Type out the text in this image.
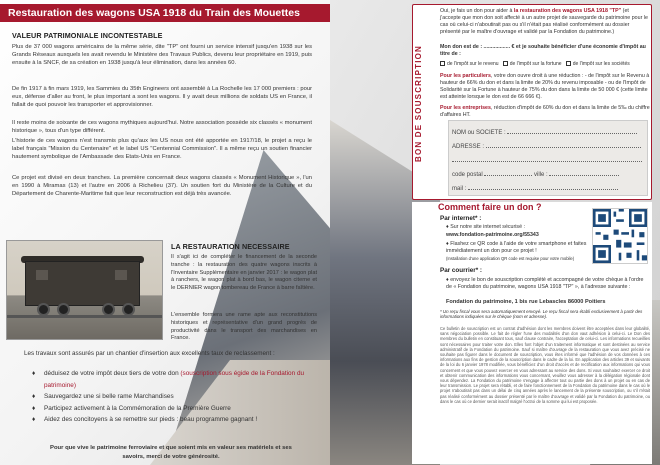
Restauration des wagons USA 1918 du Train des Mouettes
VALEUR PATRIMONIALE INCONTESTABLE
Plus de 37 000 wagons américains de la même série, dite "TP" ont fourni un service intensif jusqu'en 1938 sur les Grands Réseaux auxquels les avait revendu le Ministère des Travaux Publics, devenu leur propriétaire en 1919, puis ensuite à la SNCF, de sa création en 1938 jusqu'à leur élimination, dans les années 60.
De fin 1917 à fin mars 1919, les Sammies du 35th Engineers ont assemblé à La Rochelle les 17 000 premiers : pour eux, défense d'aller au front, le plus important a sont les wagons. Il y avait deux millions de soldats US en France, il fallait de quoi pouvoir les transporter et approvisionner.
Il reste moins de soixante de ces wagons mythiques aujourd'hui. Notre association possède six classés « monument historique », tous d'un type différent.
L'historie de ces wagons n'est transmis plus qu'aux les US nous ont été apportée en 1917/18, le projet a reçu le label français "Mission du Centenaire" et le label US "Centennial Commission". Il a même reçu un soutien financier hautement symbolique de l'Ambassade des Etats-Unis en France.
Ce projet est divisé en deux tranches. La première concernait deux wagons classés « Monument Historique », l'un en 1990 à Miramas (13) et l'autre en 2006 à Richelieu (37). Un soutien fort du Ministère de la Culture et du Département de Charente-Maritime fait que leur reconstruction est déjà très avancée.
LA RESTAURATION NECESSAIRE
Il s'agit ici de compléter le financement de la seconde tranche : la restauration des quatre wagons inscrits à l'Inventaire Supplémentaire en janvier 2017 : le wagon plat à ranchers, le wagon plat à bord bas, le wagon citerne et le DERNIER wagon tombereau de France à barre faîtière.
L'ensemble formera une rame apte aux reconstitutions historiques et représentative d'un grand progrès de productivité dans le transport des marchandises en France.
Les travaux sont assurés par un chantier d'insertion aux excellents taux de reclassement :
♦ déduisez de votre impôt deux tiers de votre don (souscription sous égide de la Fondation du patrimoine)
♦ Sauvegardez une si belle rame Marchandises
♦ Participez activement à la Commémoration de la Première Guerre
♦ Aidez des concitoyens à se remettre sur pieds : beau programme gagnant !
Pour que vive le patrimoine ferroviaire et que soient mis en valeur ses matériels et ses savoirs, merci de votre générosité.
BON DE SOUSCRIPTION
Oui, je fais un don pour aider à la restauration des wagons USA 1918 "TP" (et j'accepte que mon don soit affecté à un autre projet de sauvegarde du patrimoine pour le cas où celui-ci n'aboutirait pas ou s'il n'était pas réalisé conformément au dossier présenté par le maître d'ouvrage et validé par la Fondation du patrimoine.)
Mon don est de : .................. € et je souhaite bénéficier d'une économie d'impôt au titre de :
de l'impôt sur le revenu de l'impôt sur la fortune de l'impôt sur les sociétés
Pour les particuliers, votre don ouvre droit à une réduction : - de l'impôt sur le Revenu à hauteur de 66% du don et dans la limite de 20% du revenu imposable - ou de l'Impôt de Solidarité sur la Fortune à hauteur de 75% du don dans la limite de 50 000 € (cette limite est atteinte lorsque le don est de 66 666 €).
Pour les entreprises, réduction d'impôt de 60% du don et dans la limite de 5‰ du chiffre d'affaires HT.
NOM ou SOCIETE :
ADRESSE :
code postal	ville :
mail :
Comment faire un don ?
Par internet* :
♦ Sur notre site internet sécurisé :
www.fondation-patrimoine.org/55343
♦ Flashez ce QR code à l'aide de votre smartphone et faites immédiatement un don pour ce projet !
(Installation d'une application QR code est requise pour votre mobile)
Par courrier* :
♦ envoyez le bon de souscription complété et accompagné de votre chèque à l'ordre de « Fondation du patrimoine, wagons USA 1918 "TP" », à l'adresse suivante :
Fondation du patrimoine, 1 bis rue Lebascles 86000 Poitiers
* Un reçu fiscal vous sera automatiquement envoyé. Le reçu fiscal sera établi exclusivement à partir des informations indiquées sur le chèque (nom et adresse).
Ce bulletin de souscription est un contrat d'adhésion dont les membres doivent être acceptées dans leur globalité, sans négociation possible. Le fait de régler l'une des modalités d'un don vaut adhésion à celui-ci. Le Don des membres du bulletin en constituant tous, sauf clause contraire, l'acceptation de celui-ci. Les informations recueillies sont nécessaires pour traiter votre don. Elles font l'objet d'un traitement informatique et sont destinées au service administratif de la Fondation du patrimoine. Sauf si maître d'ouvrage de la restauration que vous avez précisé ne souhaite pas figurer dans le document de souscription, vous êtes informé que l'adhésion de vos données à ces informations aux fins de gestion de la souscription dans le cadre de la loi. En application des articles 39 et suivants de la loi du 6 janvier 1978 modifiée, vous bénéficiez d'un droit d'accès et de rectification aux informations qui vous concernent et que vous pouvez exercer en vous adressant au service des dons. Si vous souhaitez exercer ce droit et obtenir communication des informations vous concernant, veuillez vous adresser à la délégation régionale dont vous dépendez. La Fondation du patrimoine s'engage à affecter tout ou partie des dons à un projet ou en cas de leur transmission. Le projet sera rétabli, et de faire fonctionnement de la Fondation du patrimoine dans le cas où le projet n'aboutirait pas dans un délai de cinq années après le lancement de la présente souscription, ou s'il n'était pas réalisé conformément au dossier présenté par le maître d'ouvrage et validé par la Fondation du patrimoine, ou dans le cas où ce dernier serait inactif malgré l'octroi de la somme qui lui est proposée.
